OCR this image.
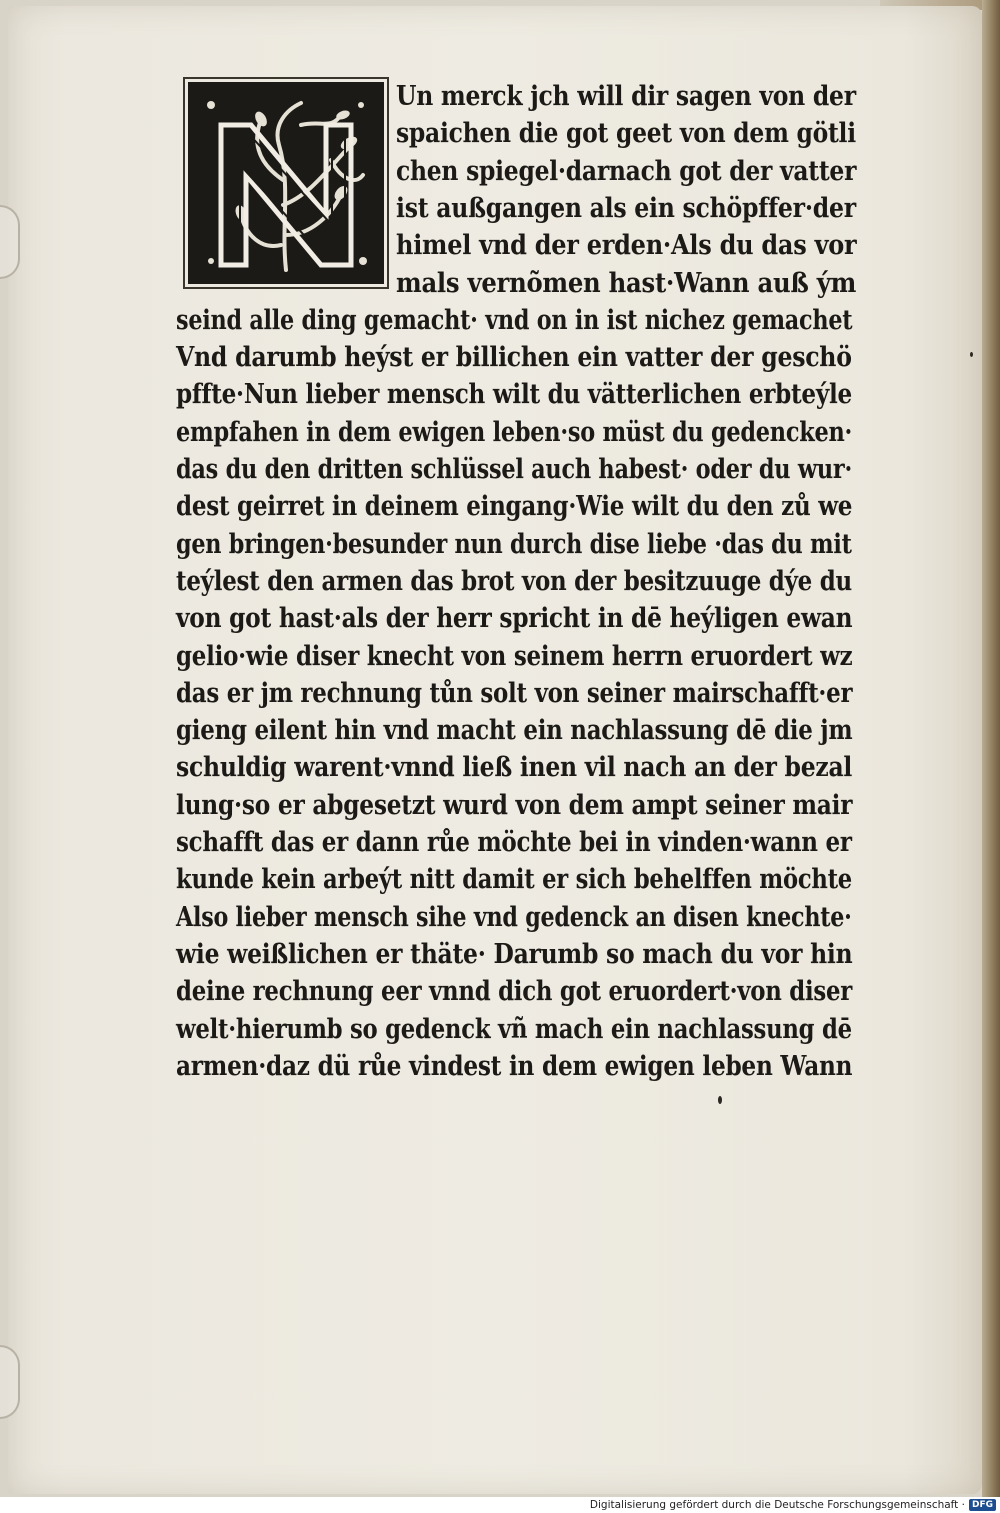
Un merck jch will dir sagen von der
spaichen die got geet von dem götli
chen spiegel·darnach got der vatter
ist außgangen als ein schöpffer·der
himel vnd der erden·Als du das vor
mals vernõmen hast·Wann auß ým
seind alle ding gemacht· vnd on in ist nichez gemachet
Vnd darumb heýst er billichen ein vatter der geschö
pffte·Nun lieber mensch wilt du vätterlichen erbteýle
empfahen in dem ewigen leben·so müst du gedencken·
das du den dritten schlüssel auch habest· oder du wur·
dest geirret in deinem eingang·Wie wilt du den zů we
gen bringen·besunder nun durch dise liebe ·das du mit
teýlest den armen das brot von der besitzuuge dýe du
von got hast·als der herr spricht in dē heýligen ewan
gelio·wie diser knecht von seinem herrn eruordert wz
das er jm rechnung tůn solt von seiner mairschafft·er
gieng eilent hin vnd macht ein nachlassung dē die jm
schuldig warent·vnnd ließ inen vil nach an der bezal
lung·so er abgesetzt wurd von dem ampt seiner mair
schafft das er dann růe möchte bei in vinden·wann er
kunde kein arbeýt nitt damit er sich behelffen möchte
Also lieber mensch sihe vnd gedenck an disen knechte·
wie weißlichen er thäte· Darumb so mach du vor hin
deine rechnung eer vnnd dich got eruordert·von diser
welt·hierumb so gedenck vñ mach ein nachlassung dē
armen·daz dü růe vindest in dem ewigen leben Wann
Digitalisierung gefördert durch die Deutsche Forschungsgemeinschaft · DFG
